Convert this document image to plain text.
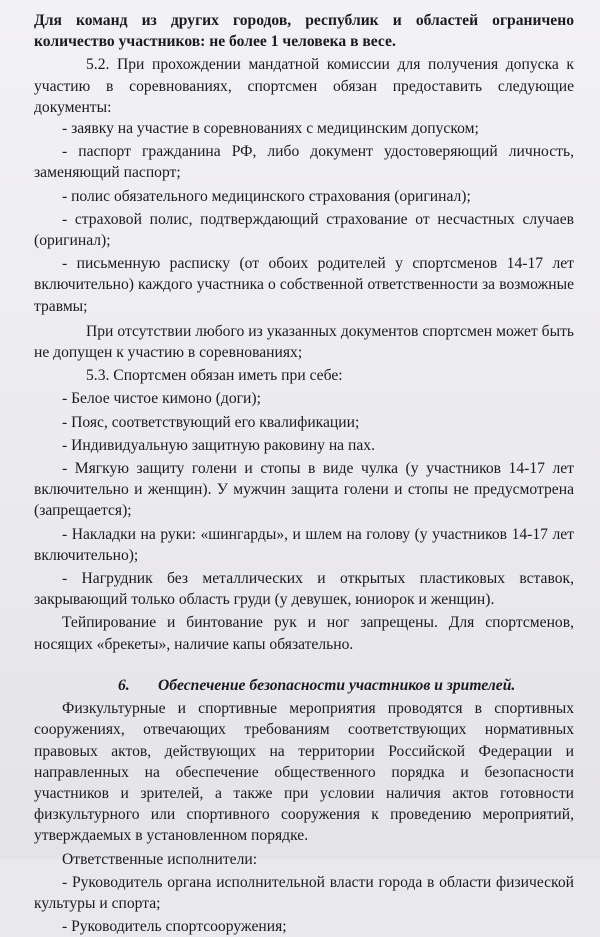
Для команд из других городов, республик и областей ограничено количество участников: не более 1 человека в весе.

5.2. При прохождении мандатной комиссии для получения допуска к участию в соревнованиях, спортсмен обязан предоставить следующие документы:

- заявку на участие в соревнованиях с медицинским допуском;

- паспорт гражданина РФ, либо документ удостоверяющий личность, заменяющий паспорт;

- полис обязательного медицинского страхования (оригинал);

- страховой полис, подтверждающий страхование от несчастных случаев (оригинал);

- письменную расписку (от обоих родителей у спортсменов 14-17 лет включительно) каждого участника о собственной ответственности за возможные травмы;

При отсутствии любого из указанных документов спортсмен может быть не допущен к участию в соревнованиях;

5.3. Спортсмен обязан иметь при себе:

- Белое чистое кимоно (доги);

- Пояс, соответствующий его квалификации;

- Индивидуальную защитную раковину на пах.

- Мягкую защиту голени и стопы в виде чулка (у участников 14-17 лет включительно и женщин). У мужчин защита голени и стопы не предусмотрена (запрещается);

- Накладки на руки: «шингарды», и шлем на голову (у участников 14-17 лет включительно);

- Нагрудник без металлических и открытых пластиковых вставок, закрывающий только область груди (у девушек, юниорок и женщин).

Тейпирование и бинтование рук и ног запрещены. Для спортсменов, носящих «брекеты», наличие капы обязательно.

6. Обеспечение безопасности участников и зрителей.

Физкультурные и спортивные мероприятия проводятся в спортивных сооружениях, отвечающих требованиям соответствующих нормативных правовых актов, действующих на территории Российской Федерации и направленных на обеспечение общественного порядка и безопасности участников и зрителей, а также при условии наличия актов готовности физкультурного или спортивного сооружения к проведению мероприятий, утверждаемых в установленном порядке.

Ответственные исполнители:

- Руководитель органа исполнительной власти города в области физической культуры и спорта;

- Руководитель спортсооружения;
